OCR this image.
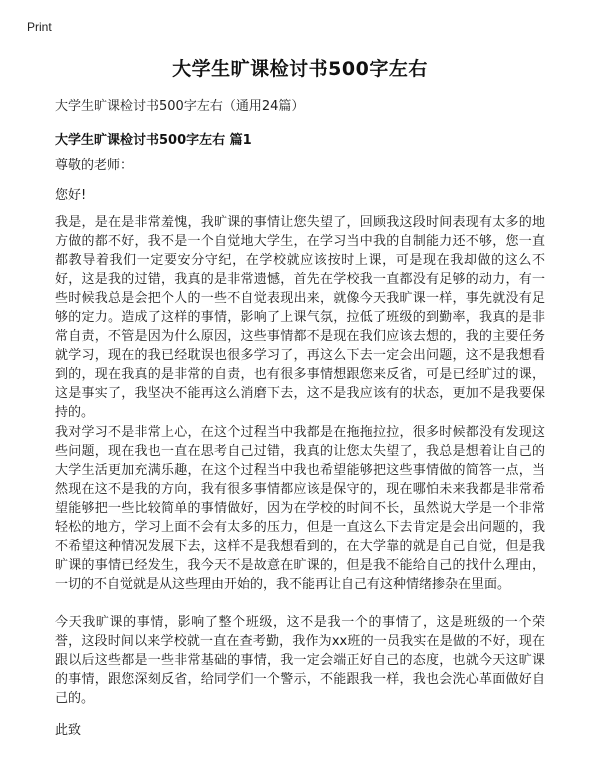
Print
大学生旷课检讨书500字左右
大学生旷课检讨书500字左右（通用24篇）
大学生旷课检讨书500字左右 篇1
尊敬的老师：
您好!

我是，是在是非常羞愧，我旷课的事情让您失望了，回顾我这段时间表现有太多的地方做的都不好，我不是一个自觉地大学生，在学习当中我的自制能力还不够，您一直都教导着我们一定要安分守纪，在学校就应该按时上课，可是现在我却做的这么不好，这是我的过错，我真的是非常遗憾，首先在学校我一直都没有足够的动力，有一些时候我总是会把个人的一些不自觉表现出来，就像今天我旷课一样，事先就没有足够的定力。造成了这样的事情，影响了上课气氛，拉低了班级的到勤率，我真的是非常自责，不管是因为什么原因，这些事情都不是现在我们应该去想的，我的主要任务就学习，现在的我已经耽误也很多学习了，再这么下去一定会出问题，这不是我想看到的，现在我真的是非常的自责，也有很多事情想跟您来反省，可是已经旷过的课，这是事实了，我坚决不能再这么消磨下去，这不是我应该有的状态，更加不是我要保持的。

我对学习不是非常上心，在这个过程当中我都是在拖拖拉拉，很多时候都没有发现这些问题，现在我也一直在思考自己过错，我真的让您太失望了，我总是想着让自己的大学生活更加充满乐趣，在这个过程当中我也希望能够把这些事情做的简答一点，当然现在这不是我的方向，我有很多事情都应该是保守的，现在哪怕未来我都是非常希望能够把一些比较简单的事情做好，因为在学校的时间不长，虽然说大学是一个非常轻松的地方，学习上面不会有太多的压力，但是一直这么下去肯定是会出问题的，我不希望这种情况发展下去，这样不是我想看到的，在大学靠的就是自己自觉，但是我旷课的事情已经发生，我今天不是故意在旷课的，但是我不能给自己的找什么理由，一切的不自觉就是从这些理由开始的，我不能再让自己有这种情绪掺杂在里面。

今天我旷课的事情，影响了整个班级，这不是我一个的事情了，这是班级的一个荣誉，这段时间以来学校就一直在查考勤，我作为xx班的一员我实在是做的不好，现在跟以后这些都是一些非常基础的事情，我一定会端正好自己的态度，也就今天这旷课的事情，跟您深刻反省，给同学们一个警示，不能跟我一样，我也会洗心革面做好自己的。

此致
